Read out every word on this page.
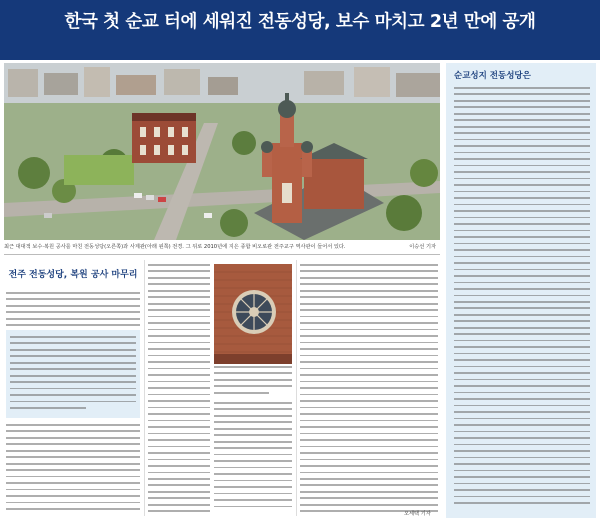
한국 첫 순교 터에 세워진 전동성당, 보수 마치고 2년 만에 공개
최근 대대적 보수·복원 공사를 마친 전동성당(오른쪽)과 사제관(아래 왼쪽) 전경. 그 뒤로 2010년에 지은 종합 비오로관 전주교구 역사관이 들어서 있다.	이승선 기자
전주 전동성당, 복원 공사 마무리
오세택 기자
순교성지 전동성당은
